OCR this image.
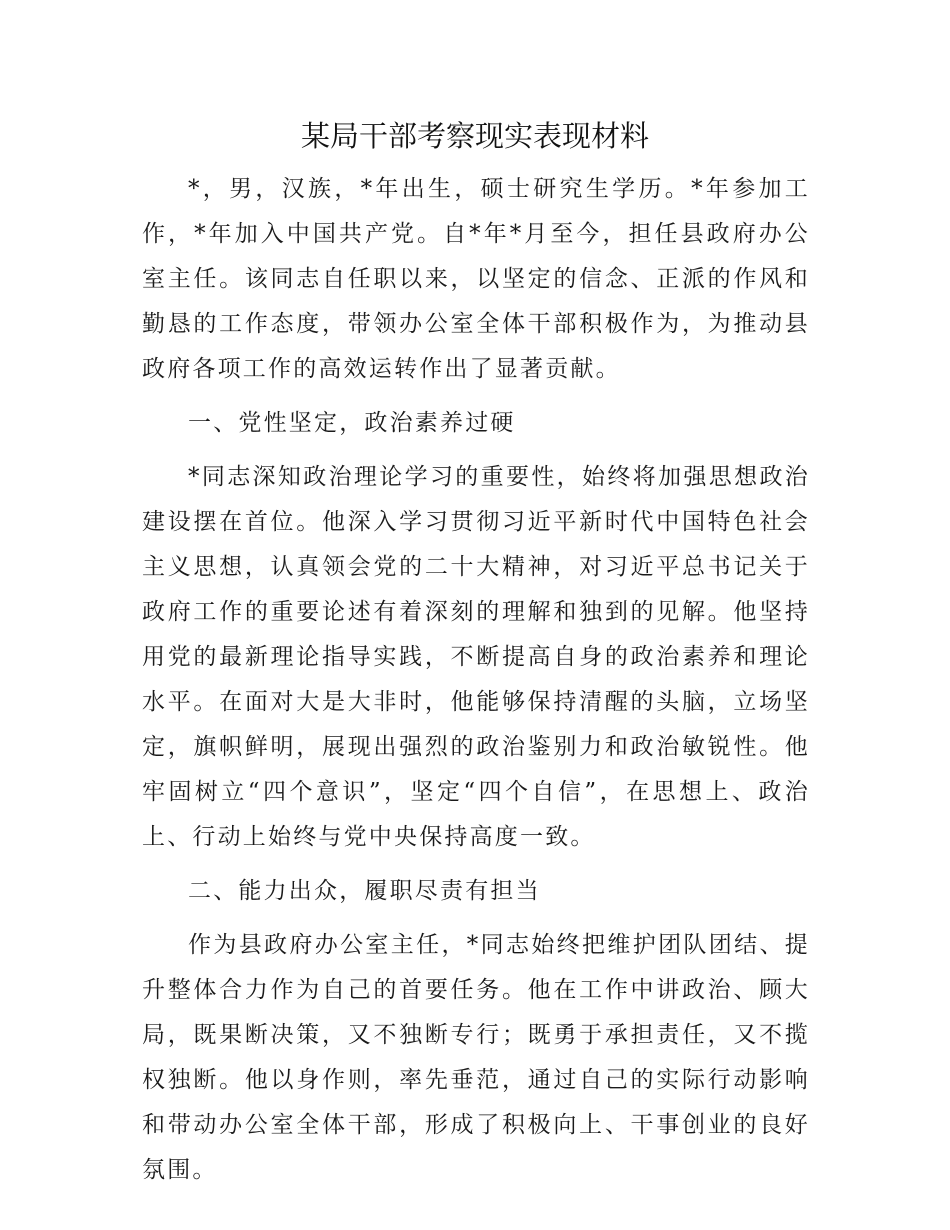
某局干部考察现实表现材料

*，男，汉族，*年出生，硕士研究生学历。*年参加工作，*年加入中国共产党。自*年*月至今，担任县政府办公室主任。该同志自任职以来，以坚定的信念、正派的作风和勤恳的工作态度，带领办公室全体干部积极作为，为推动县政府各项工作的高效运转作出了显著贡献。

一、党性坚定，政治素养过硬

*同志深知政治理论学习的重要性，始终将加强思想政治建设摆在首位。他深入学习贯彻习近平新时代中国特色社会主义思想，认真领会党的二十大精神，对习近平总书记关于政府工作的重要论述有着深刻的理解和独到的见解。他坚持用党的最新理论指导实践，不断提高自身的政治素养和理论水平。在面对大是大非时，他能够保持清醒的头脑，立场坚定，旗帜鲜明，展现出强烈的政治鉴别力和政治敏锐性。他牢固树立“四个意识”，坚定“四个自信”，在思想上、政治上、行动上始终与党中央保持高度一致。

二、能力出众，履职尽责有担当

作为县政府办公室主任，*同志始终把维护团队团结、提升整体合力作为自己的首要任务。他在工作中讲政治、顾大局，既果断决策，又不独断专行；既勇于承担责任，又不揽权独断。他以身作则，率先垂范，通过自己的实际行动影响和带动办公室全体干部，形成了积极向上、干事创业的良好氛围。
